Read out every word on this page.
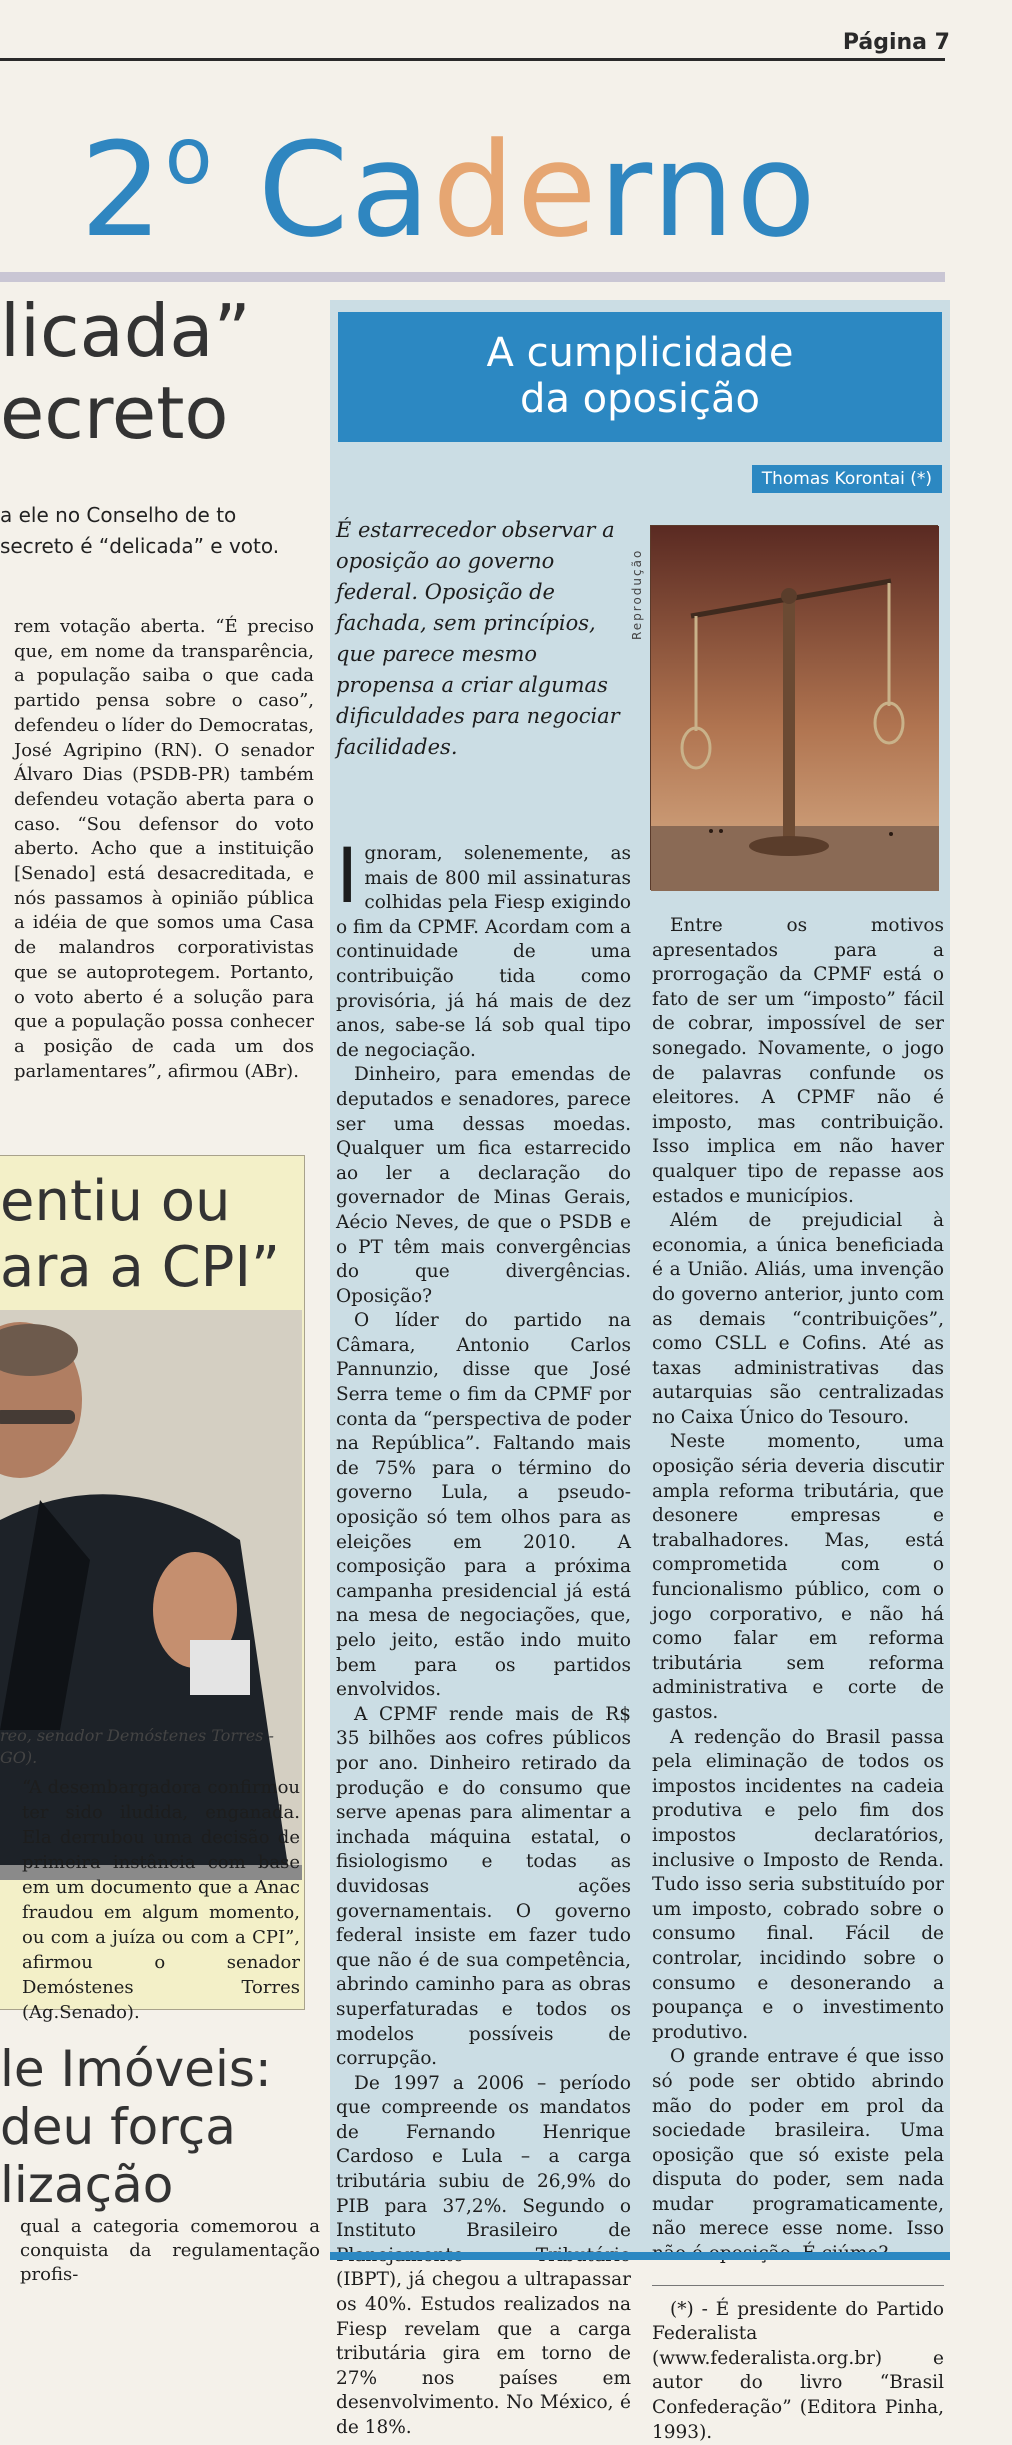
Página 7
2$^o$ Caderno
licada”
ecreto
a ele no Conselho de to secreto é “delicada” e voto.
rem votação aberta. “É preciso que, em nome da transparência, a população saiba o que cada partido pensa sobre o caso”, defendeu o líder do Democratas, José Agripino (RN). O senador Álvaro Dias (PSDB-PR) também defendeu votação aberta para o caso. “Sou defensor do voto aberto. Acho que a instituição [Senado] está desacreditada, e nós passamos à opinião pública a idéia de que somos uma Casa de malandros corporativistas que se autoprotegem. Portanto, o voto aberto é a solução para que a população possa conhecer a posição de cada um dos parlamentares”, afirmou (ABr).
entiu ou
ara a CPI”
reo, senador Demóstenes Torres -GO).
“A desembargadora confirmou ter sido iludida, enganada. Ela derrubou uma decisão de primeira instância com base em um documento que a Anac fraudou em algum momento, ou com a juíza ou com a CPI”, afirmou o senador Demóstenes Torres (Ag.Senado).
le Imóveis:
deu força
lização
qual a categoria comemorou a conquista da regulamentação profis-
A cumplicidade
da oposição
Thomas Korontai (*)
É estarrecedor observar a oposição ao governo federal. Oposição de fachada, sem princípios, que parece mesmo propensa a criar algumas dificuldades para negociar facilidades.
Reprodução

Ignoram, solenemente, as mais de 800 mil assinaturas colhidas pela Fiesp exigindo o fim da CPMF. Acordam com a continuidade de uma contribuição tida como provisória, já há mais de dez anos, sabe-se lá sob qual tipo de negociação.

Dinheiro, para emendas de deputados e senadores, parece ser uma dessas moedas. Qualquer um fica estarrecido ao ler a declaração do governador de Minas Gerais, Aécio Neves, de que o PSDB e o PT têm mais convergências do que divergências. Oposição?

O líder do partido na Câmara, Antonio Carlos Pannunzio, disse que José Serra teme o fim da CPMF por conta da “perspectiva de poder na República”. Faltando mais de 75% para o término do governo Lula, a pseudo-oposição só tem olhos para as eleições em 2010. A composição para a próxima campanha presidencial já está na mesa de negociações, que, pelo jeito, estão indo muito bem para os partidos envolvidos.

A CPMF rende mais de R$ 35 bilhões aos cofres públicos por ano. Dinheiro retirado da produção e do consumo que serve apenas para alimentar a inchada máquina estatal, o fisiologismo e todas as duvidosas ações governamentais. O governo federal insiste em fazer tudo que não é de sua competência, abrindo caminho para as obras superfaturadas e todos os modelos possíveis de corrupção.

De 1997 a 2006 – período que compreende os mandatos de Fernando Henrique Cardoso e Lula – a carga tributária subiu de 26,9% do PIB para 37,2%. Segundo o Instituto Brasileiro de (IBPT), já chegou a ultrapassar os 40%. Estudos realizados na Fiesp revelam que a carga tributária gira em torno de 27% nos países em desenvolvimento. No México, é de 18%.

Entre os motivos apresentados para a prorrogação da CPMF está o fato de ser um “imposto” fácil de cobrar, impossível de ser sonegado. Novamente, o jogo de palavras confunde os eleitores. A CPMF não é imposto, mas contribuição. Isso implica em não haver qualquer tipo de repasse aos estados e municípios.

Além de prejudicial à economia, a única beneficiada é a União. Aliás, uma invenção do governo anterior, junto com as demais “contribuições”, como CSLL e Cofins. Até as taxas administrativas das autarquias são centralizadas no Caixa Único do Tesouro.

Neste momento, uma oposição séria deveria discutir ampla reforma tributária, que desonere empresas e trabalhadores. Mas, está comprometida com o funcionalismo público, com o jogo corporativo, e não há como falar em reforma tributária sem reforma administrativa e corte de gastos.

A redenção do Brasil passa pela eliminação de todos os impostos incidentes na cadeia produtiva e pelo fim dos impostos declaratórios, inclusive o Imposto de Renda. Tudo isso seria substituído por um imposto, cobrado sobre o consumo final. Fácil de controlar, incidindo sobre o consumo e desonerando a poupança e o investimento produtivo.

O grande entrave é que isso só pode ser obtido abrindo mão do poder em prol da sociedade brasileira. Uma oposição que só existe pela disputa do poder, sem nada mudar programaticamente, não merece esse nome. Isso

(*) - É presidente do Partido Federalista (www.federalista.org.br) e autor do livro “Brasil Confederação” (Editora Pinha, 1993).
